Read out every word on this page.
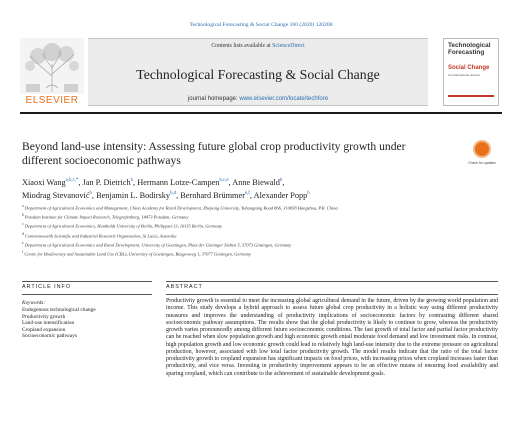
Technological Forecasting & Social Change 160 (2020) 120208
ELSEVIER
Contents lists available at ScienceDirect
Technological Forecasting & Social Change
journal homepage: www.elsevier.com/locate/techfore
Technological Forecasting
Social Change
An International Journal
Beyond land-use intensity: Assessing future global crop productivity growth under different socioeconomic pathways	Check for updates
Xiaoxi Wang$^{a,b,c,*}$, Jan P. Dietrich$^b$, Hermann Lotze-Campen$^{b,c,e}$, Anne Biewald$^b$,
Miodrag Stevanović$^b$, Benjamin L. Bodirsky$^{b,d}$, Bernhard Brümmer$^{e,f}$, Alexander Popp$^b$
$^a$ Department of Agricultural Economics and Management, China Academy for Rural Development, Zhejiang University, Yuhangtang Road 866, 310058 Hangzhou, P.R. China
$^b$ Potsdam Institute for Climate Impact Research, Telegrafenberg, 14473 Potsdam, Germany
$^c$ Department of Agricultural Economics, Humboldt University of Berlin, Philippstr.13, 10115 Berlin, Germany
$^d$ Commonwealth Scientific and Industrial Research Organisation, St Lucia, Australia
$^e$ Department of Agricultural Economics and Rural Development, University of Goettingen, Platz der Göttinger Sieben 5, 37073 Göttingen, Germany
$^f$ Centre for Biodiversity and Sustainable Land Use (CBL), University of Goettingen, Büsgenweg 1, 37077 Göttingen, Germany
ARTICLE INFO
Keywords:
Endogenous technological change
Productivity growth
Land-use intensification
Cropland expansion
Socioeconomic pathways
ABSTRACT
Productivity growth is essential to meet the increasing global agricultural demand in the future, driven by the growing world population and income. This study develops a hybrid approach to assess future global crop productivity in a holistic way using different productivity measures and improves the understanding of productivity implications of socioeconomic factors by contrasting different shared socioeconomic pathway assumptions. The results show that the global productivity is likely to continue to grow, whereas the productivity growth varies pronouncedly among different future socioeconomic conditions. The fast growth of total factor and partial factor productivity can be reached when slow population growth and high economic growth entail moderate food demand and low investment risks. In contrast, high population growth and low economic growth could lead to relatively high land-use intensity due to the extreme pressure on agricultural production, however, associated with low total factor productivity growth. The model results indicate that the ratio of the total factor productivity growth to cropland expansion has significant impacts on food prices, with increasing prices when cropland increases faster than productivity, and vice versa. Investing in productivity improvement appears to be an effective means of ensuring food availability and sparing cropland, which can contribute to the achievement of sustainable development goals.
